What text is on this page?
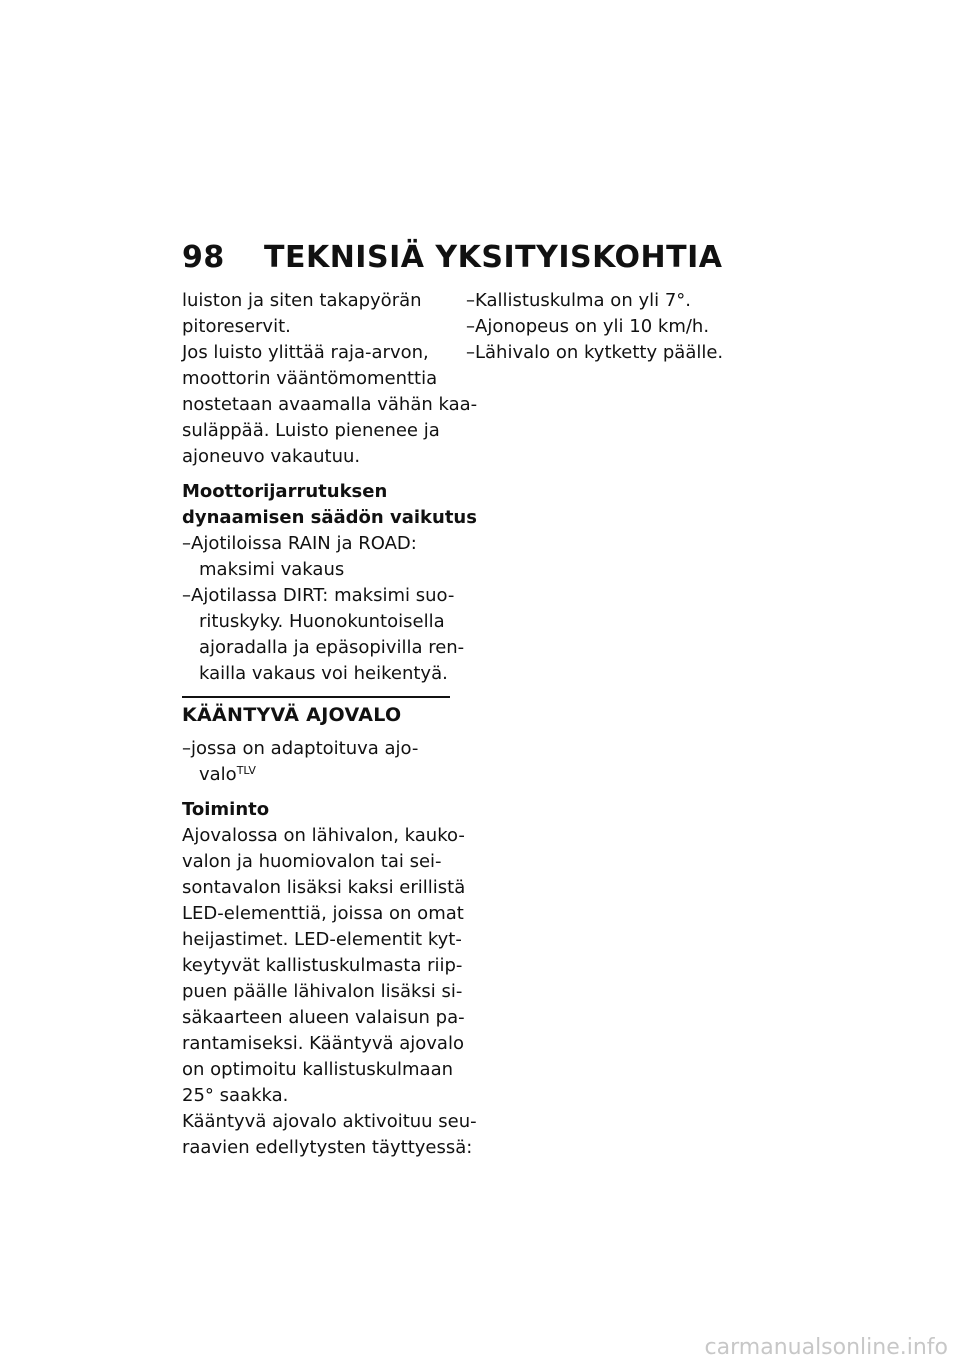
98 TEKNISIÄ YKSITYISKOHTIA

luiston ja siten takapyörän
pitoreservit.

Jos luisto ylittää raja-arvon,
moottorin vääntömomenttia
nostetaan avaamalla vähän kaa-
suläppää. Luisto pienenee ja
ajoneuvo vakautuu.

Moottorijarrutuksen
dynaamisen säädön vaikutus

–Ajotiloissa RAIN ja ROAD:
maksimi vakaus
–Ajotilassa DIRT: maksimi suo-
rituskyky. Huonokuntoisella
ajoradalla ja epäsopivilla ren-
kailla vakaus voi heikentyä.

KÄÄNTYVÄ AJOVALO

–jossa on adaptoituva ajo-
valo$^{TLV}$

Toiminto

Ajovalossa on lähivalon, kauko-
valon ja huomiovalon tai sei-
sontavalon lisäksi kaksi erillistä
LED-elementtiä, joissa on omat
heijastimet. LED-elementit kyt-
keytyvät kallistuskulmasta riip-
puen päälle lähivalon lisäksi si-
säkaarteen alueen valaisun pa-
rantamiseksi. Kääntyvä ajovalo
on optimoitu kallistuskulmaan
25° saakka.

Kääntyvä ajovalo aktivoituu seu-
raavien edellytysten täyttyessä:

–Kallistuskulma on yli 7°.
–Ajonopeus on yli 10 km/h.
–Lähivalo on kytketty päälle.
carmanualsonline.info
